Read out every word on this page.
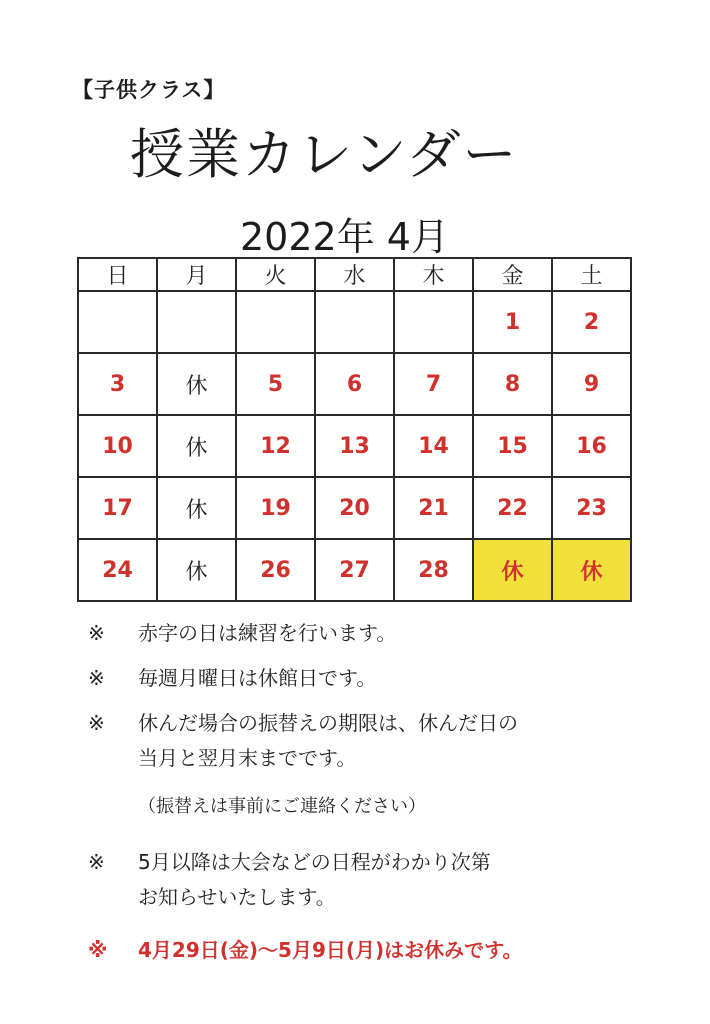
【子供クラス】
授業カレンダー
2022年 4月
日	月	火	水	木	金	土
					1	2
3	休	5	6	7	8	9
10	休	12	13	14	15	16
17	休	19	20	21	22	23
24	休	26	27	28	休	休
※ 赤字の日は練習を行います。
※ 毎週月曜日は休館日です。
※ 休んだ場合の振替えの期限は、休んだ日の
当月と翌月末までです。
（振替えは事前にご連絡ください）
※ 5月以降は大会などの日程がわかり次第
お知らせいたします。
※ 4月29日(金)～5月9日(月)はお休みです。
